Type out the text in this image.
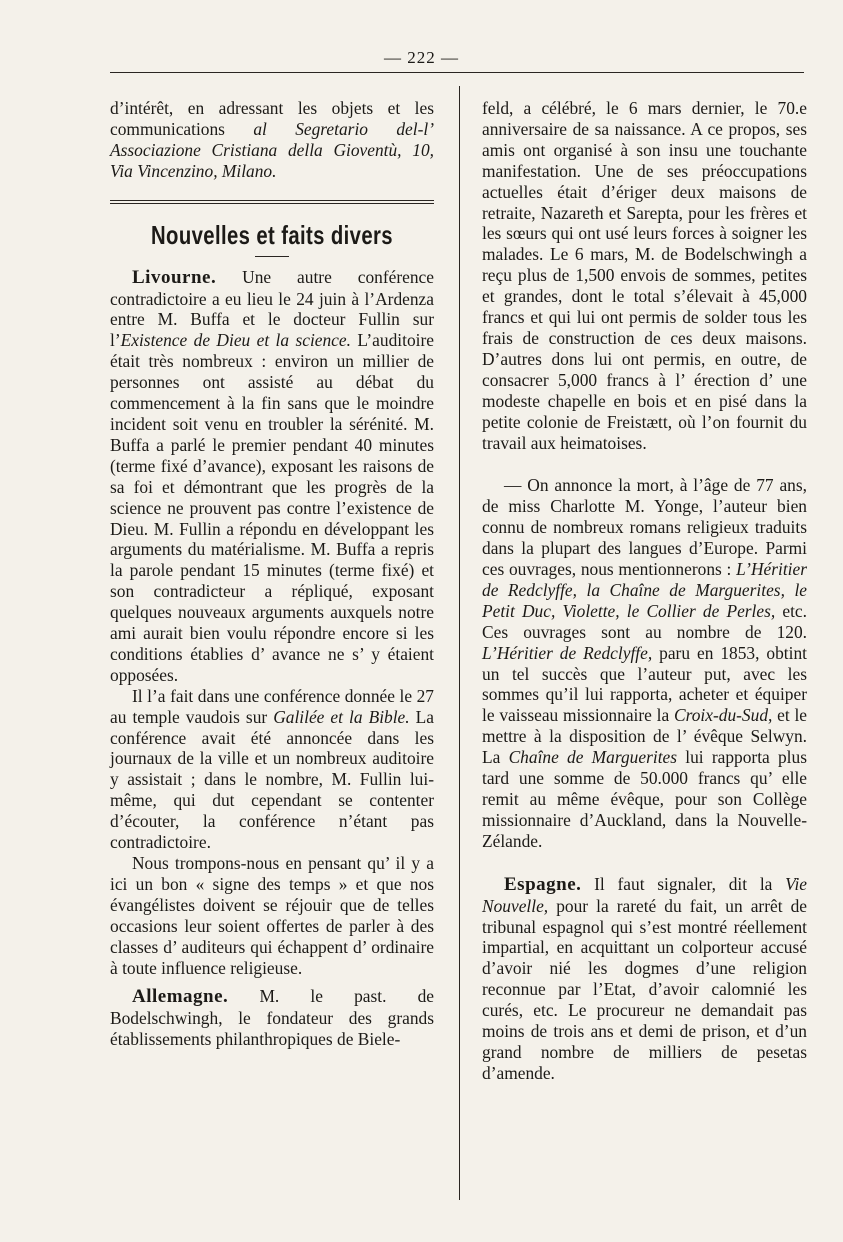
— 222 —

d’intérêt, en adressant les objets et les communications al Segretario del-l’ Associazione Cristiana della Gioventù, 10, Via Vincenzino, Milano.

Nouvelles et faits divers

Livourne. Une autre conférence contradictoire a eu lieu le 24 juin à l’Ardenza entre M. Buffa et le docteur Fullin sur l’Existence de Dieu et la science. L’auditoire était très nombreux : environ un millier de personnes ont assisté au débat du commencement à la fin sans que le moindre incident soit venu en troubler la sérénité. M. Buffa a parlé le premier pendant 40 minutes (terme fixé d’avance), exposant les raisons de sa foi et démontrant que les progrès de la science ne prouvent pas contre l’existence de Dieu. M. Fullin a répondu en développant les arguments du matérialisme. M. Buffa a repris la parole pendant 15 minutes (terme fixé) et son contradicteur a répliqué, exposant quelques nouveaux arguments auxquels notre ami aurait bien voulu répondre encore si les conditions établies d’ avance ne s’ y étaient opposées.

Il l’a fait dans une conférence donnée le 27 au temple vaudois sur Galilée et la Bible. La conférence avait été annoncée dans les journaux de la ville et un nombreux auditoire y assistait ; dans le nombre, M. Fullin lui-même, qui dut cependant se contenter d’écouter, la conférence n’étant pas contradictoire.

Nous trompons-nous en pensant qu’ il y a ici un bon « signe des temps » et que nos évangélistes doivent se réjouir que de telles occasions leur soient offertes de parler à des classes d’ auditeurs qui échappent d’ ordinaire à toute influence religieuse.

Allemagne. M. le past. de Bodelschwingh, le fondateur des grands établissements philanthropiques de Biele-

feld, a célébré, le 6 mars dernier, le 70.e anniversaire de sa naissance. A ce propos, ses amis ont organisé à son insu une touchante manifestation. Une de ses préoccupations actuelles était d’ériger deux maisons de retraite, Nazareth et Sarepta, pour les frères et les sœurs qui ont usé leurs forces à soigner les malades. Le 6 mars, M. de Bodelschwingh a reçu plus de 1,500 envois de sommes, petites et grandes, dont le total s’élevait à 45,000 francs et qui lui ont permis de solder tous les frais de construction de ces deux maisons. D’autres dons lui ont permis, en outre, de consacrer 5,000 francs à l’ érection d’ une modeste chapelle en bois et en pisé dans la petite colonie de Freistætt, où l’on fournit du travail aux heimatoises.

— On annonce la mort, à l’âge de 77 ans, de miss Charlotte M. Yonge, l’auteur bien connu de nombreux romans religieux traduits dans la plupart des langues d’Europe. Parmi ces ouvrages, nous mentionnerons : L’Héritier de Redclyffe, la Chaîne de Marguerites, le Petit Duc, Violette, le Collier de Perles, etc. Ces ouvrages sont au nombre de 120. L’Héritier de Redclyffe, paru en 1853, obtint un tel succès que l’auteur put, avec les sommes qu’il lui rapporta, acheter et équiper le vaisseau missionnaire la Croix-du-Sud, et le mettre à la disposition de l’ évêque Selwyn. La Chaîne de Marguerites lui rapporta plus tard une somme de 50.000 francs qu’ elle remit au même évêque, pour son Collège missionnaire d’Auckland, dans la Nouvelle-Zélande.

Espagne. Il faut signaler, dit la Vie Nouvelle, pour la rareté du fait, un arrêt de tribunal espagnol qui s’est montré réellement impartial, en acquittant un colporteur accusé d’avoir nié les dogmes d’une religion reconnue par l’Etat, d’avoir calomnié les curés, etc. Le procureur ne demandait pas moins de trois ans et demi de prison, et d’un grand nombre de milliers de pesetas d’amende.
